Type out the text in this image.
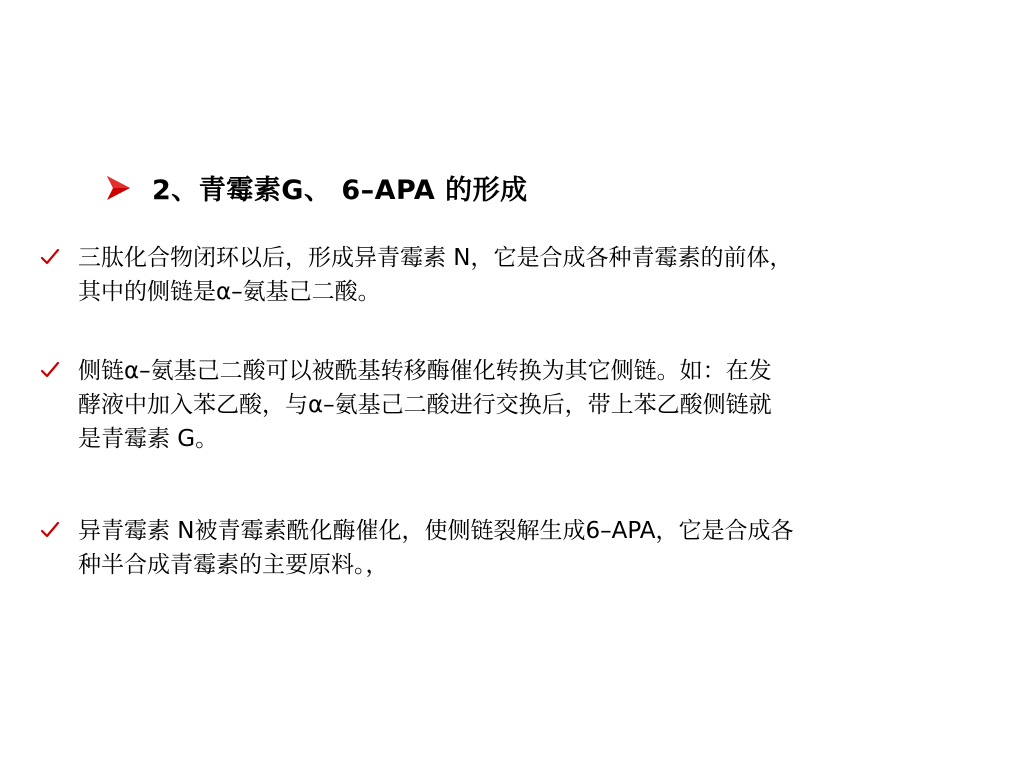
2、青霉素G、 6–APA 的形成
三肽化合物闭环以后，形成异青霉素 N，它是合成各种青霉素的前体，
其中的侧链是α–氨基己二酸。
侧链α–氨基己二酸可以被酰基转移酶催化转换为其它侧链。如：在发
酵液中加入苯乙酸，与α–氨基己二酸进行交换后，带上苯乙酸侧链就
是青霉素 G。
异青霉素 N被青霉素酰化酶催化，使侧链裂解生成6–APA，它是合成各
种半合成青霉素的主要原料。，
